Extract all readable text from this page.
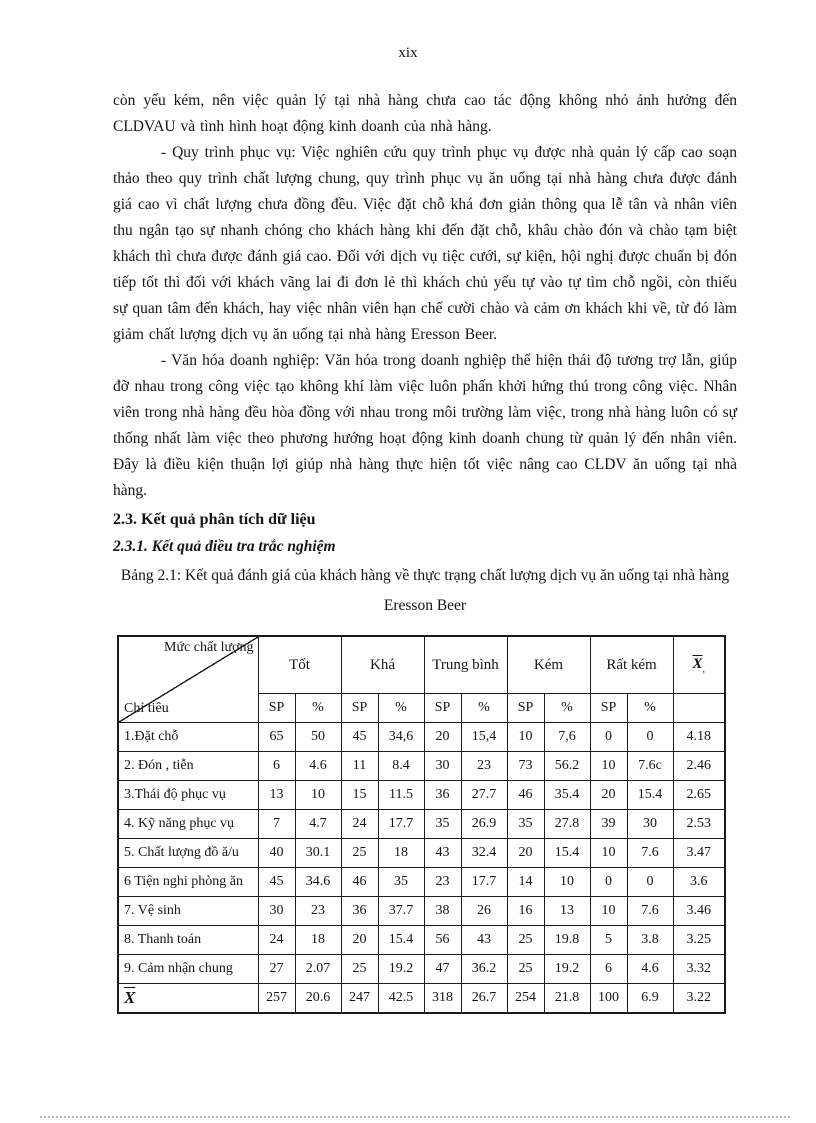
xix

còn yếu kém, nên việc quản lý tại nhà hàng chưa cao tác động không nhỏ ảnh hưởng đến CLDVAU và tình hình hoạt động kinh doanh của nhà hàng.

- Quy trình phục vụ: Việc nghiên cứu quy trình phục vụ được nhà quản lý cấp cao soạn thảo theo quy trình chất lượng chung, quy trình phục vụ ăn uống tại nhà hàng chưa được đánh giá cao vì chất lượng chưa đồng đều. Việc đặt chỗ khá đơn giản thông qua lễ tân và nhân viên thu ngân tạo sự nhanh chóng cho khách hàng khi đến đặt chỗ, khâu chào đón và chào tạm biệt khách thì chưa được đánh giá cao. Đối với dịch vụ tiệc cưới, sự kiện, hội nghị được chuẩn bị đón tiếp tốt thì đối với khách vãng lai đi đơn lẻ thì khách chủ yếu tự vào tự tìm chỗ ngồi, còn thiếu sự quan tâm đến khách, hay việc nhân viên hạn chế cười chào và cảm ơn khách khi về, từ đó làm giảm chất lượng dịch vụ ăn uống tại nhà hàng Eresson Beer.

- Văn hóa doanh nghiệp: Văn hóa trong doanh nghiệp thể hiện thái độ tương trợ lẫn, giúp đỡ nhau trong công việc tạo không khí làm việc luôn phấn khởi hứng thú trong công việc. Nhân viên trong nhà hàng đều hòa đồng với nhau trong môi trường làm việc, trong nhà hàng luôn có sự thống nhất làm việc theo phương hướng hoạt động kinh doanh chung từ quản lý đến nhân viên. Đây là điều kiện thuận lợi giúp nhà hàng thực hiện tốt việc nâng cao CLDV ăn uống tại nhà hàng.

2.3. Kết quả phân tích dữ liệu
2.3.1. Kết quả điều tra trắc nghiệm
Bảng 2.1: Kết quả đánh giá của khách hàng về thực trạng chất lượng dịch vụ ăn uống tại nhà hàng Eresson Beer
Mức chất lượng
Chỉ tiêu	Tốt		Khá		Trung bình		Kém		Rất kém		$\overline{X}_,$
	SP	%	SP	%	SP	%	SP	%	SP	%	
1.Đặt chỗ	65	50	45	34,6	20	15,4	10	7,6	0	0	4.18
2. Đón , tiễn	6	4.6	11	8.4	30	23	73	56.2	10	7.6c	2.46
3.Thái độ phục vụ	13	10	15	11.5	36	27.7	46	35.4	20	15.4	2.65
4. Kỹ năng phục vụ	7	4.7	24	17.7	35	26.9	35	27.8	39	30	2.53
5. Chất lượng đồ ă/u	40	30.1	25	18	43	32.4	20	15.4	10	7.6	3.47
6 Tiện nghi phòng ăn	45	34.6	46	35	23	17.7	14	10	0	0	3.6
7. Vệ sinh	30	23	36	37.7	38	26	16	13	10	7.6	3.46
8. Thanh toán	24	18	20	15.4	56	43	25	19.8	5	3.8	3.25
9. Cảm nhận chung	27	2.07	25	19.2	47	36.2	25	19.2	6	4.6	3.32
$\overline{X}$	257	20.6	247	42.5	318	26.7	254	21.8	100	6.9	3.22
